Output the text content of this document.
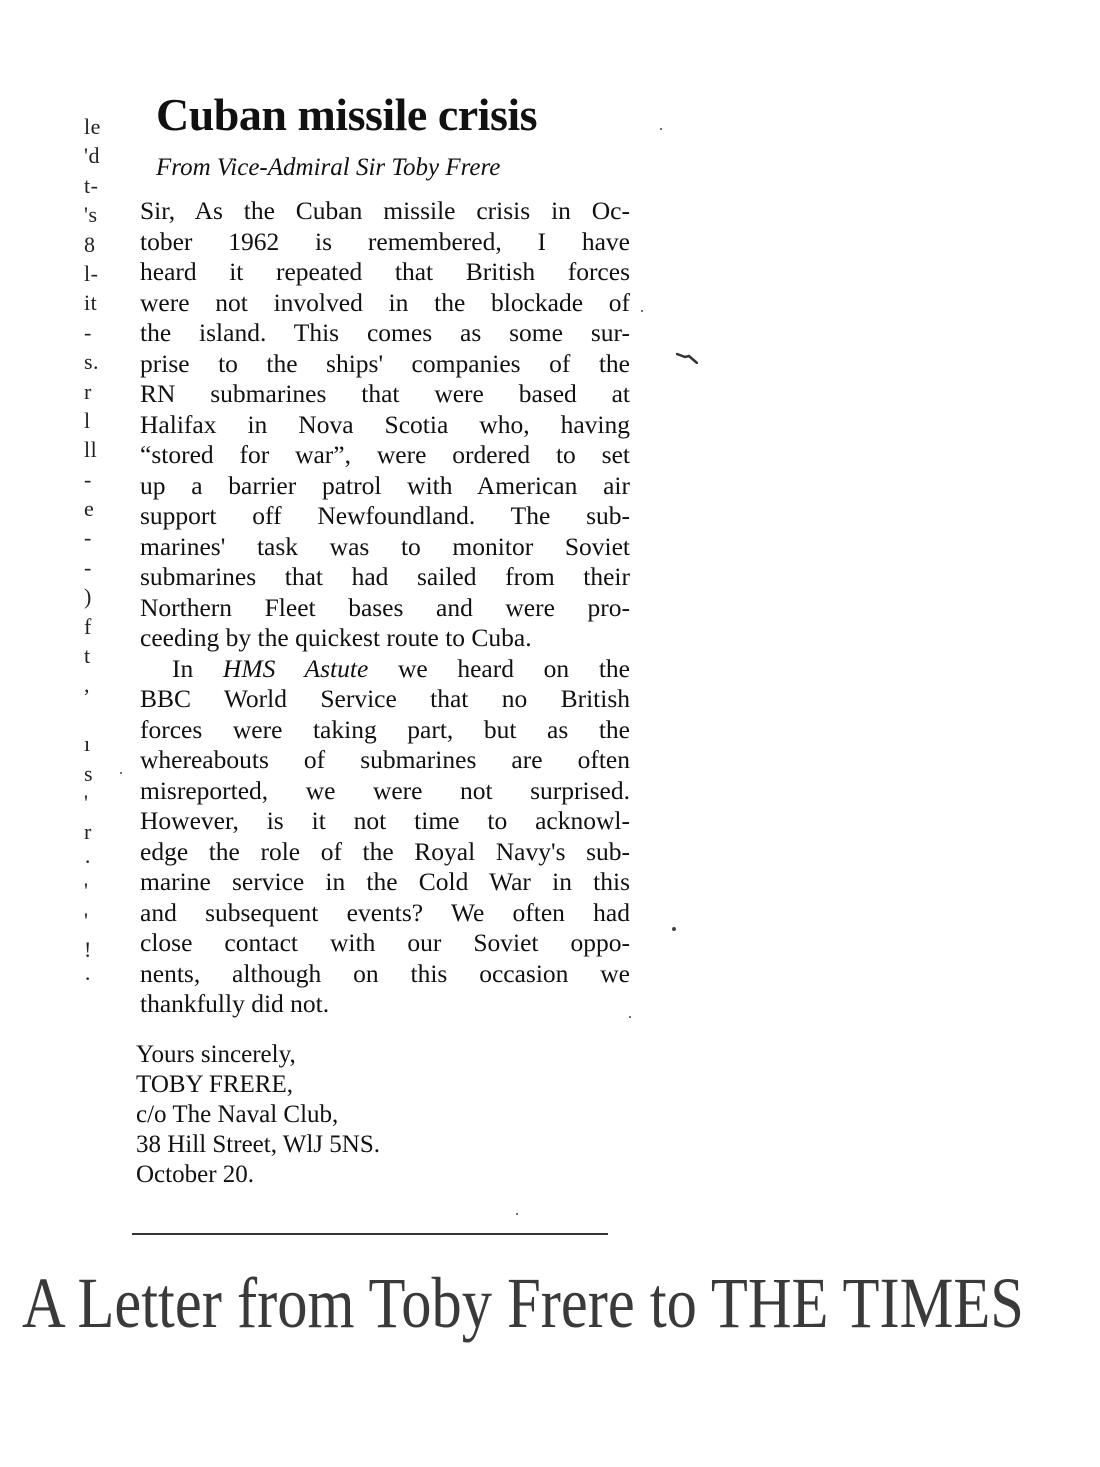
le
'd
t-
's
8
l-
it
-
s.
r
l
ll
-
e
-
-
)
f
t
,
ı
s
'
r
·
'
'
!
·
Cuban missile crisis

From Vice-Admiral Sir Toby Frere

Sir, As the Cuban missile crisis in Oc-
tober 1962 is remembered, I have
heard it repeated that British forces
were not involved in the blockade of
the island. This comes as some sur-
prise to the ships' companies of the
RN submarines that were based at
Halifax in Nova Scotia who, having
“stored for war”, were ordered to set
up a barrier patrol with American air
support off Newfoundland. The sub-
marines' task was to monitor Soviet
submarines that had sailed from their
Northern Fleet bases and were pro-
ceeding by the quickest route to Cuba.
In HMS Astute we heard on the
BBC World Service that no British
forces were taking part, but as the
whereabouts of submarines are often
misreported, we were not surprised.
However, is it not time to acknowl-
edge the role of the Royal Navy's sub-
marine service in the Cold War in this
and subsequent events? We often had
close contact with our Soviet oppo-
nents, although on this occasion we
thankfully did not.
Yours sincerely,
TOBY FRERE,
c/o The Naval Club,
38 Hill Street, WlJ 5NS.
October 20.
A Letter from Toby Frere to THE TIMES
